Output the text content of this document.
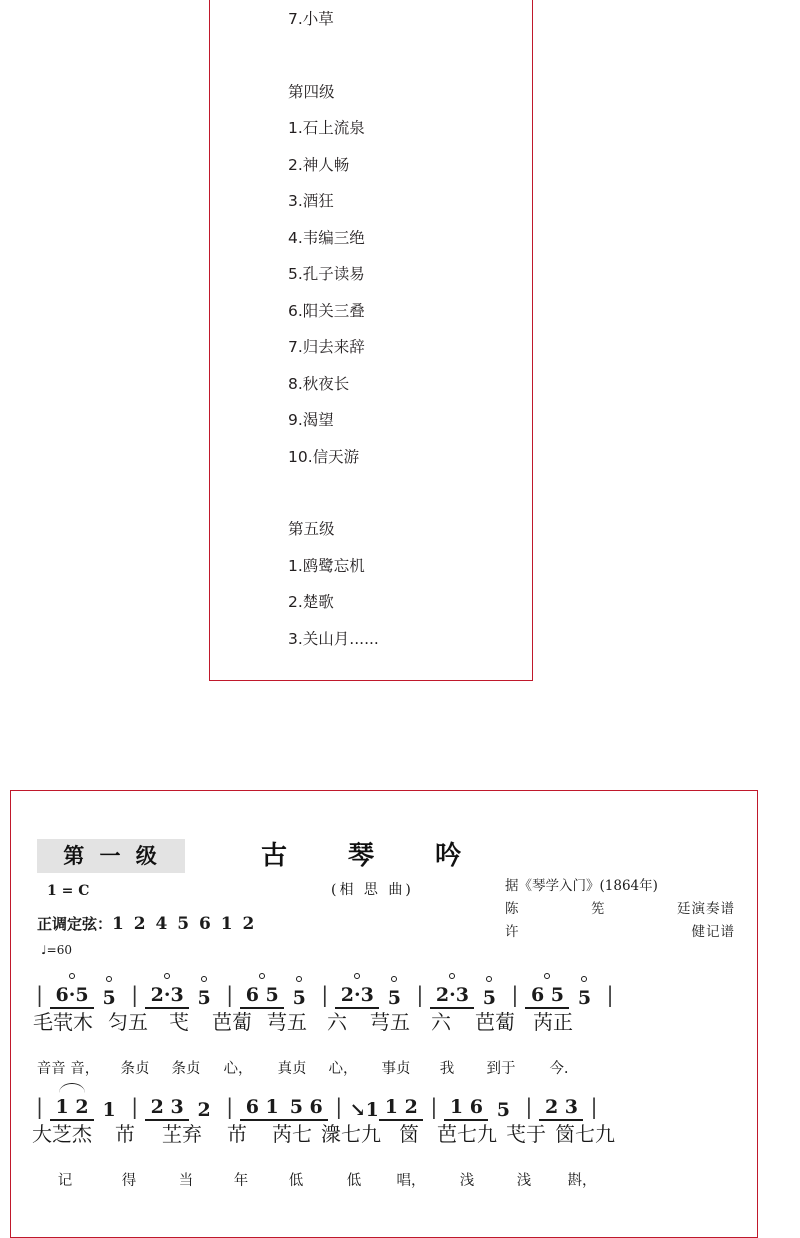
7.小草
第四级
1.石上流泉
2.神人畅
3.酒狂
4.韦编三绝
5.孔子读易
6.阳关三叠
7.归去来辞
8.秋夜长
9.渴望
10.信天游
第五级
1.鸥鹭忘机
2.楚歌
3.关山月......
第 一 级	古 琴 吟
(相 思 曲)
1 = C
正调定弦：1 2 4 5 6 1 2
♩=60
据《琴学入门》(1864年)
陈	筅	廷演奏谱
许	健记谱
| 6·5 5 | 2·3 5 | 6 5 5 | 2·3 5 | 2·3 5 | 6 5 5 |
毛茕木 匀五	芅	芭蔔 芎五	六	芎五	六	芭蔔 芮正
音音 音，	条贞	条贞	心，	真贞	心，	事贞	我	到于	今.
| 1 2 1 | 2 3 2 | 6 1 5 6 | ↘1 1 2 | 1 6 5 | 2 3 |
大芝杰	芇	芏弃	芇	芮七 潨七九 笝 芭七九 芅于 笝七九
记	得	当	年	低	低	唱，	浅	浅	斟，
